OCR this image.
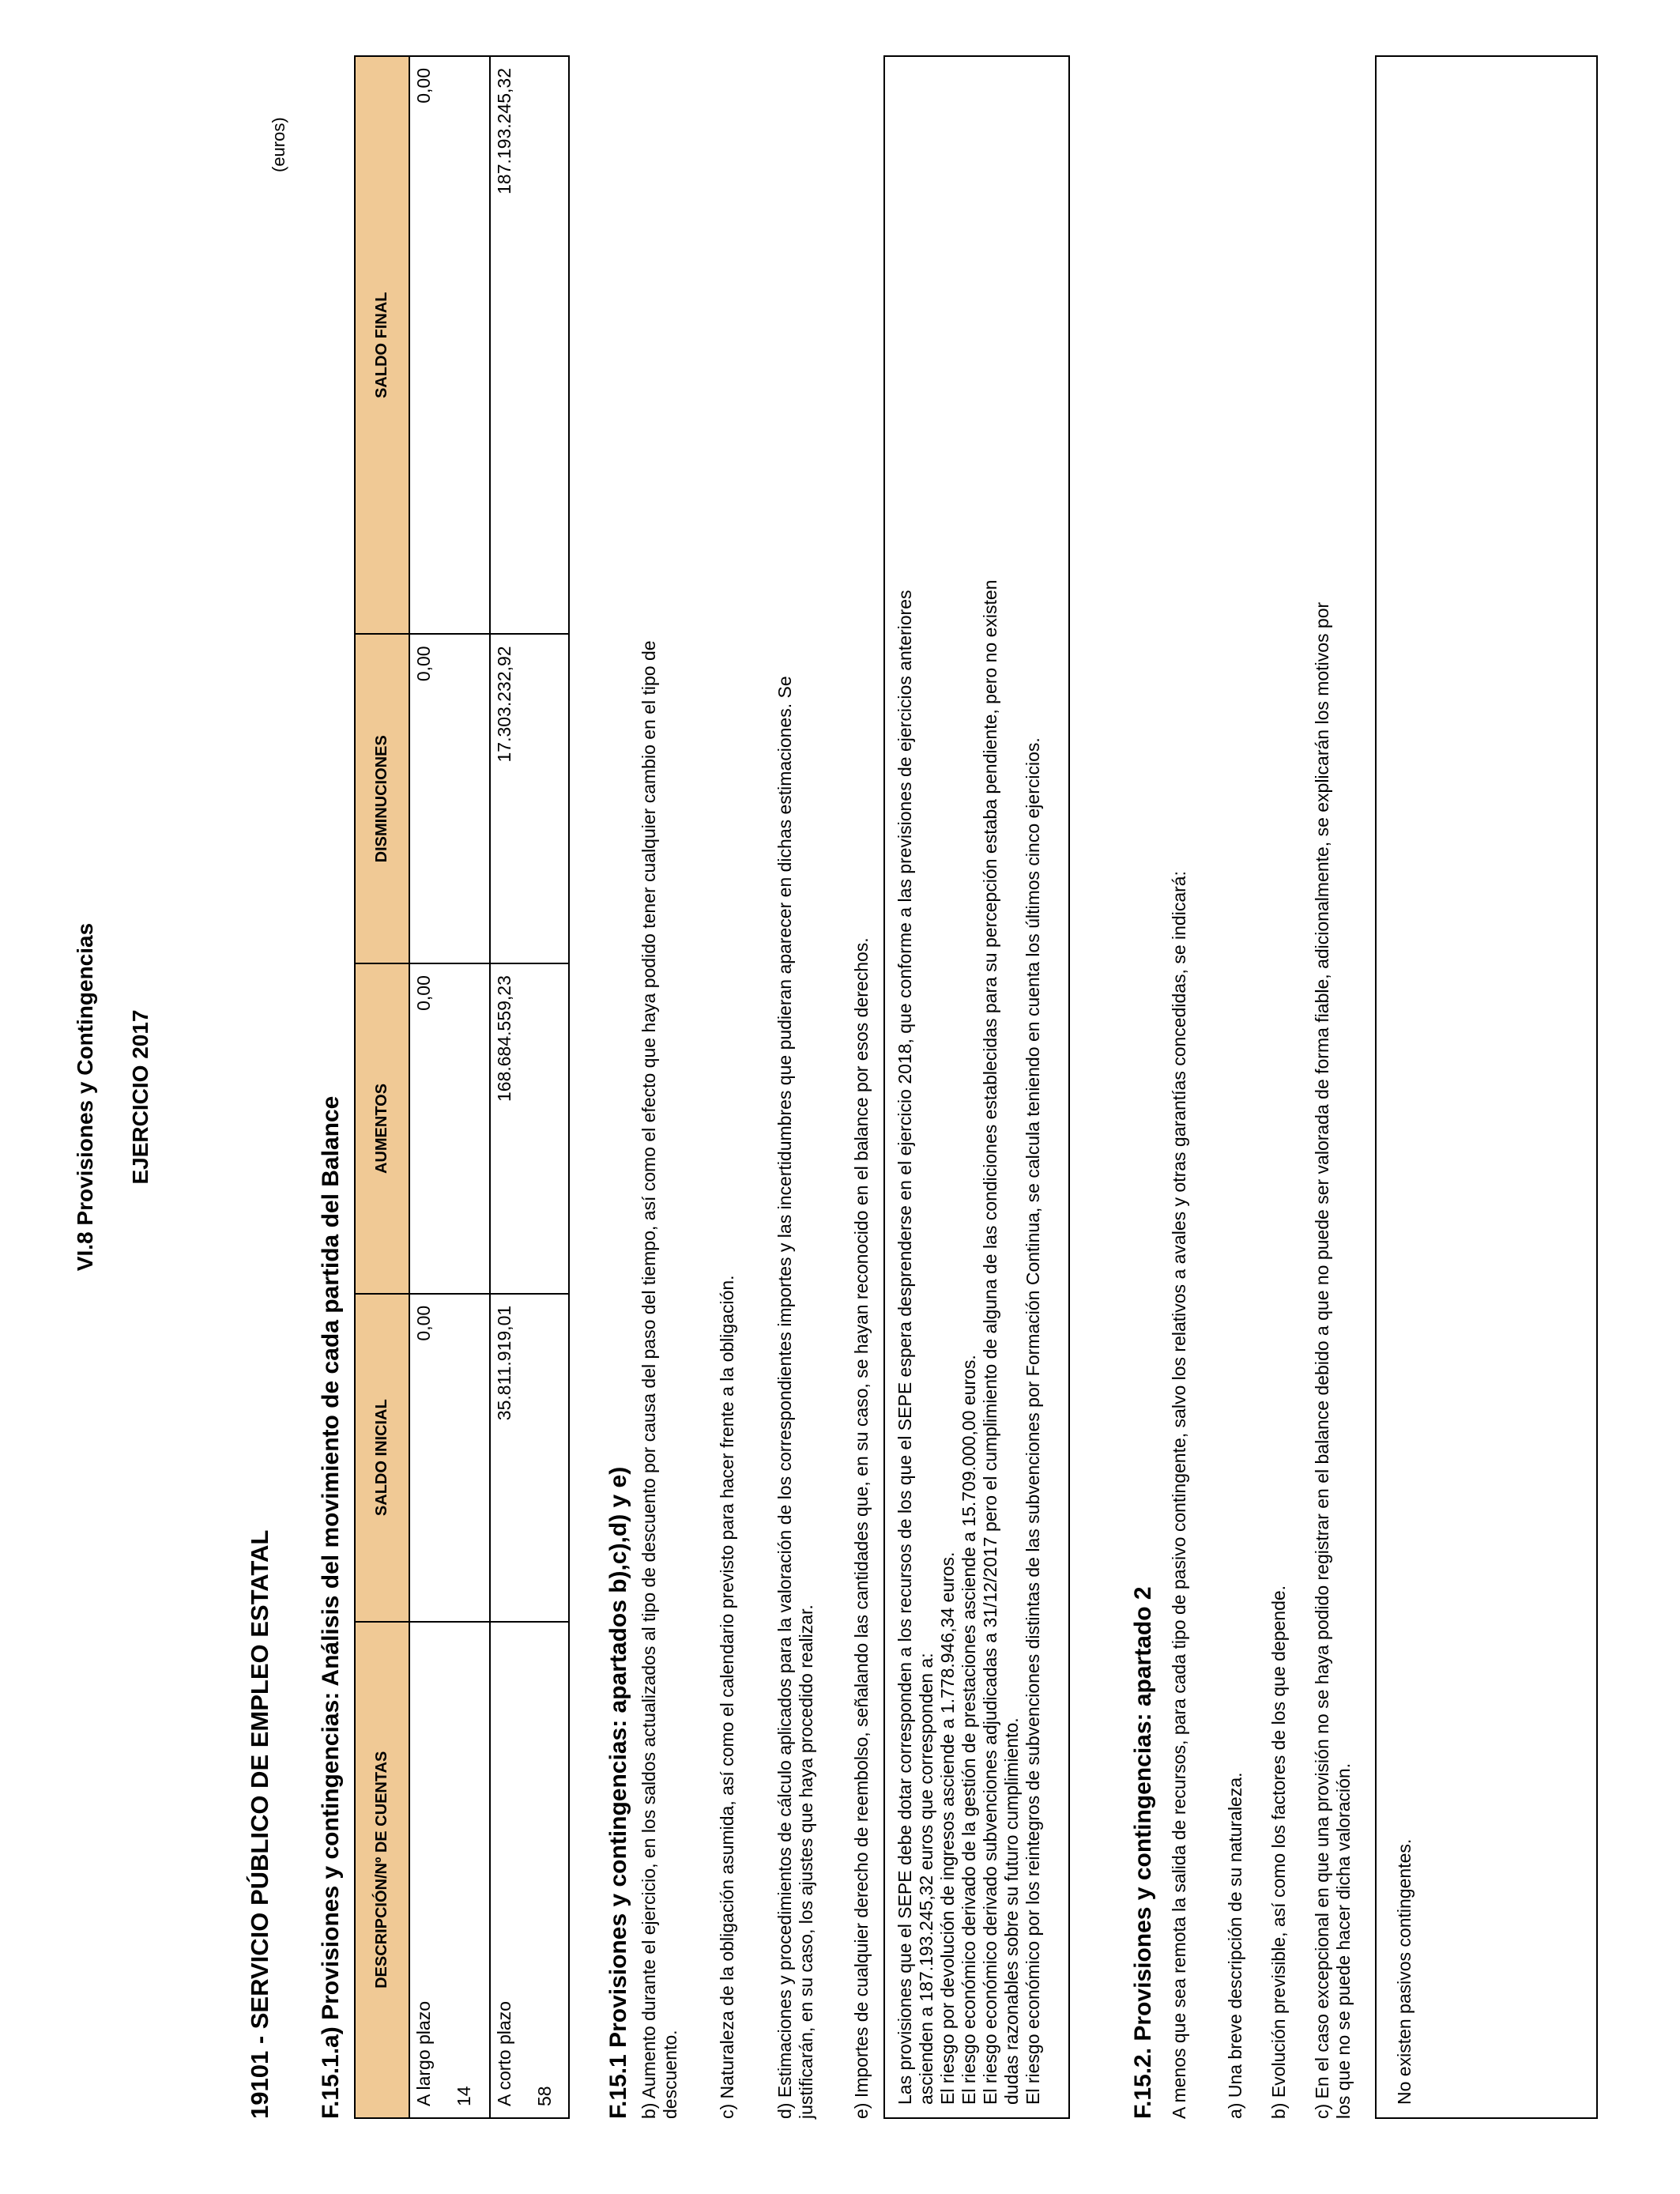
VI.8 Provisiones y Contingencias EJERCICIO 2017
19101 - SERVICIO PÚBLICO DE EMPLEO ESTATAL
(euros)
F.15.1.a) Provisiones y contingencias: Análisis del movimiento de cada partida del Balance DESCRIPCIÓN/Nº DE CUENTAS	SALDO INICIAL	AUMENTOS	DISMINUCIONES	SALDO FINAL

A largo plazo 14	0,00	0,00	0,00	0,00

A corto plazo 58	35.811.919,01	168.684.559,23	17.303.232,92	187.193.245,32
F.15.1 Provisiones y contingencias: apartados b),c),d) y e) b) Aumento durante el ejercicio, en los saldos actualizados al tipo de descuento por causa del paso del tiempo, así como el efecto que haya podido tener cualquier cambio en el tipo de descuento. c) Naturaleza de la obligación asumida, así como el calendario previsto para hacer frente a la obligación. d) Estimaciones y procedimientos de cálculo aplicados para la valoración de los correspondientes importes y las incertidumbres que pudieran aparecer en dichas estimaciones. Se justificarán, en su caso, los ajustes que haya procedido realizar. e) Importes de cualquier derecho de reembolso, señalando las cantidades que, en su caso, se hayan reconocido en el balance por esos derechos. Las provisiones que el SEPE debe dotar corresponden a los recursos de los que el SEPE espera desprenderse en el ejercicio 2018, que conforme a las previsiones de ejercicios anteriores ascienden a 187.193.245,32 euros que corresponden a: El riesgo por devolución de ingresos asciende a 1.778.946,34 euros. El riesgo económico derivado de la gestión de prestaciones asciende a 15.709.000,00 euros. El riesgo económico derivado subvenciones adjudicadas a 31/12/2017 pero el cumplimiento de alguna de las condiciones establecidas para su percepción estaba pendiente, pero no existen dudas razonables sobre su futuro cumplimiento. El riesgo económico por los reintegros de subvenciones distintas de las subvenciones por Formación Continua, se calcula teniendo en cuenta los últimos cinco ejercicios.	F.15.2. Provisiones y contingencias: apartado 2 A menos que sea remota la salida de recursos, para cada tipo de pasivo contingente, salvo los relativos a avales y otras garantías concedidas, se indicará: a) Una breve descripción de su naturaleza. b) Evolución previsible, así como los factores de los que depende. c) En el caso excepcional en que una provisión no se haya podido registrar en el balance debido a que no puede ser valorada de forma fiable, adicionalmente, se explicarán los motivos por los que no se puede hacer dicha valoración. No existen pasivos contingentes.
